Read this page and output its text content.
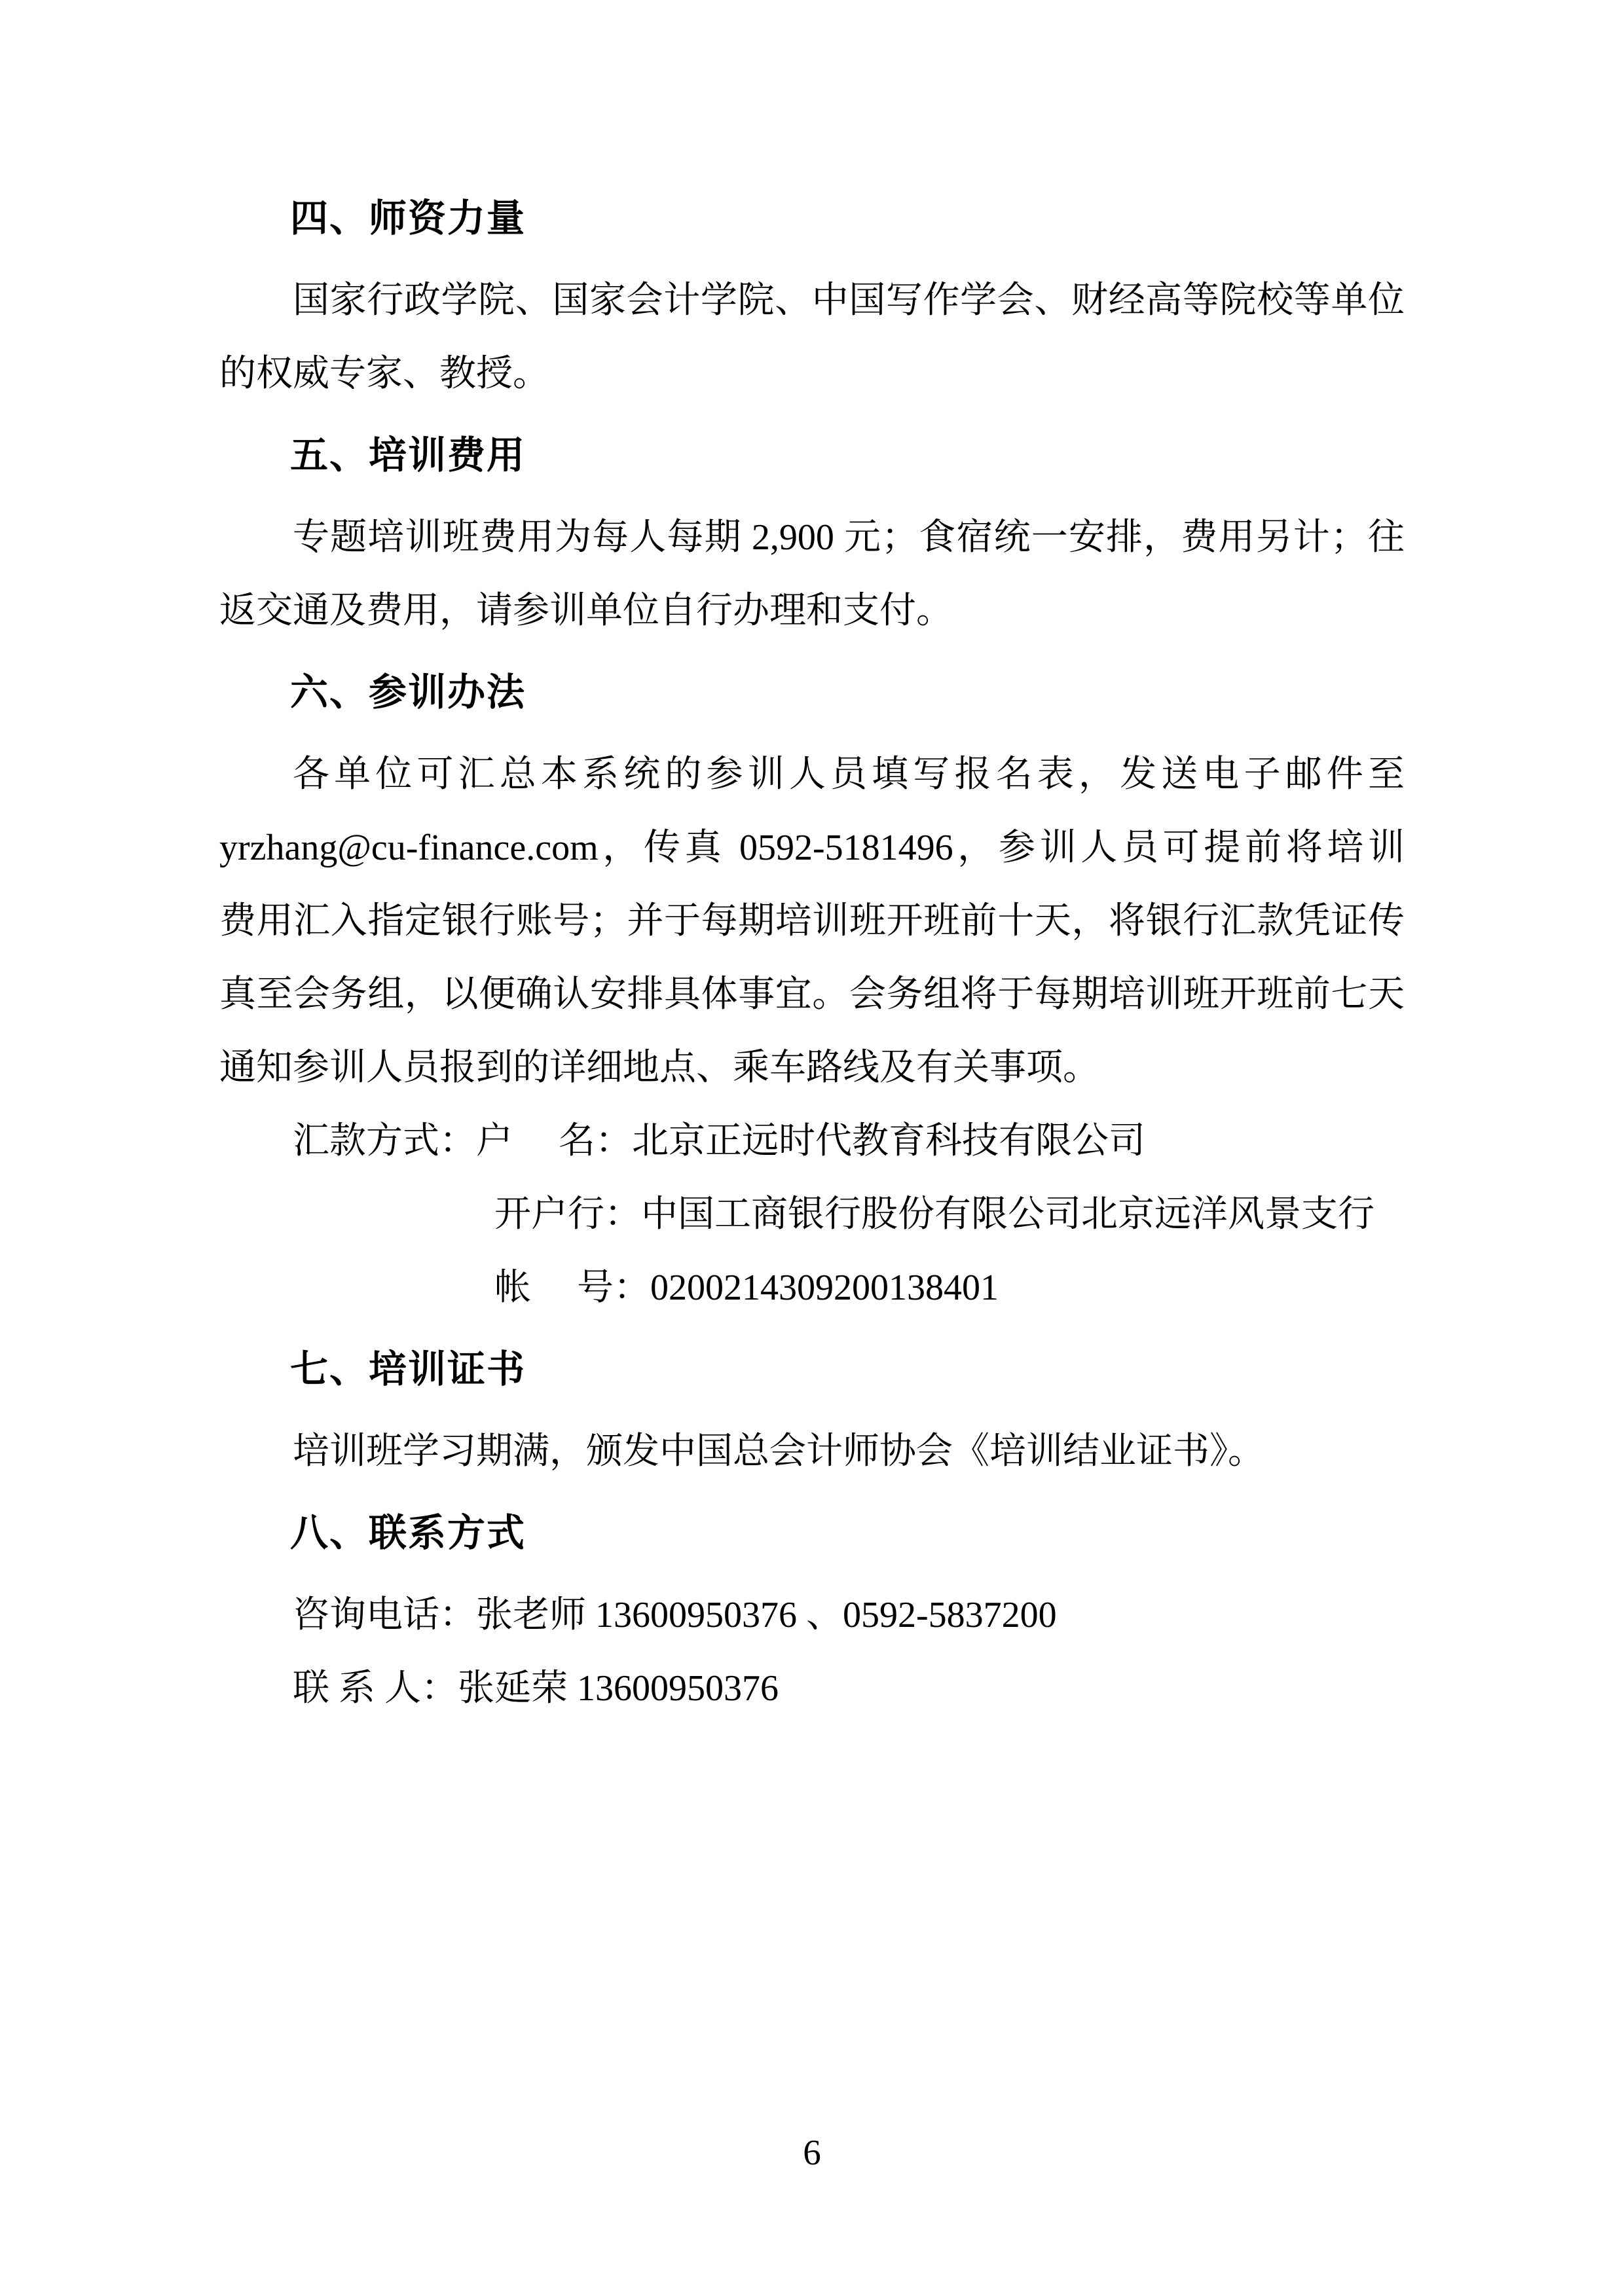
四、师资力量
国家行政学院、国家会计学院、中国写作学会、财经高等院校等单位
的权威专家、教授。
五、培训费用
专题培训班费用为每人每期 2,900 元；食宿统一安排，费用另计；往
返交通及费用，请参训单位自行办理和支付。
六、参训办法
各单位可汇总本系统的参训人员填写报名表，发送电子邮件至
yrzhang@cu-finance.com，传真 0592-5181496，参训人员可提前将培训
费用汇入指定银行账号；并于每期培训班开班前十天，将银行汇款凭证传
真至会务组，以便确认安排具体事宜。会务组将于每期培训班开班前七天
通知参训人员报到的详细地点、乘车路线及有关事项。
汇款方式：户　 名：北京正远时代教育科技有限公司
开户行：中国工商银行股份有限公司北京远洋风景支行
帐　 号：0200214309200138401
七、培训证书
培训班学习期满，颁发中国总会计师协会《培训结业证书》。
八、联系方式
咨询电话：张老师 13600950376 、0592-5837200
联 系 人：张延荣 13600950376
6
